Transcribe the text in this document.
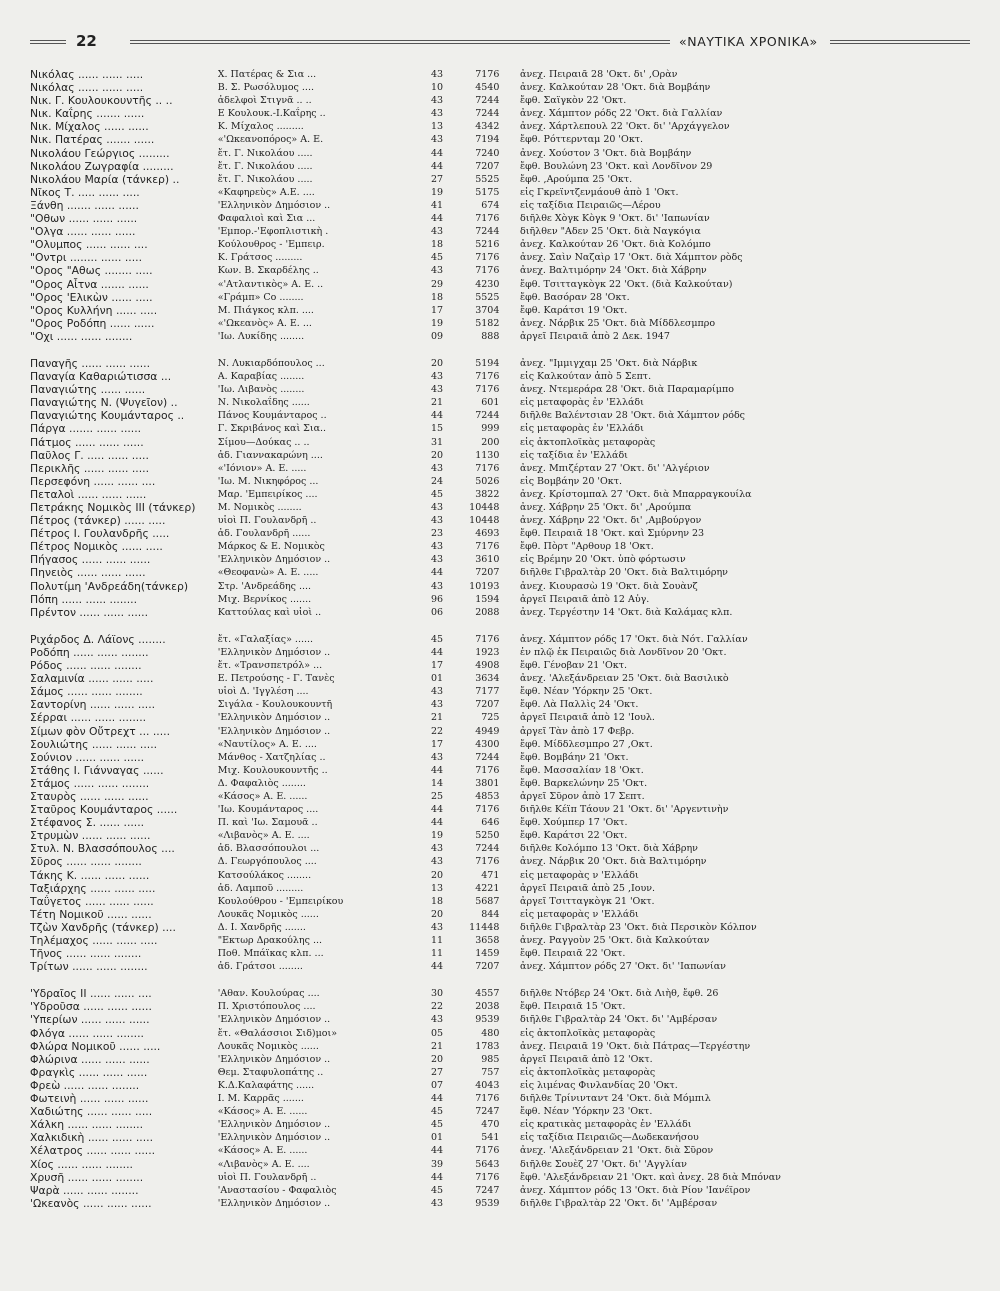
22	«ΝΑΥΤΙΚΑ ΧΡΟΝΙΚΑ»
Νικόλας ...... ...... .....	Χ. Πατέρας & Σια ...	43	7176 ἀνεχ. Πειραιᾶ 28 'Οκτ. δι' ,Ορὰν
Νικόλας ...... ...... .....	Β. Σ. Ρωσόλυμος ....	10	4540 ἀνεχ. Καλκούταν 28 'Οκτ. διὰ Βομβάην
Νικ. Γ. Κουλουκουντῆς .. ..	ἀδελφοὶ Στιγνᾶ .. ..	43	7244 ἔφθ. Σαϊγκὸν 22 'Οκτ.
Νικ. Καΐρης ....... ......	Ε Κουλουκ.-Ι.Καΐρης ..	43	7244 ἀνεχ. Χάμπτον ρόδς 22 'Οκτ. διὰ Γαλλίαν
Νικ. Μίχαλος ...... ......	Κ. Μίχαλος .........	13	4342 ἀνεχ. Χάρτλεπουλ 22 'Οκτ. δι' 'Αρχάγγελον
Νικ. Πατέρας ....... ......	«'Ωκεανοπόρος» Α. Ε.	43	7194 ἔφθ. Ρόττερνταμ 20 'Οκτ.
Νικολάου Γεώργιος .........	ἔτ. Γ. Νικολάου .....	44	7240 ἀνεχ. Χούστον 3 'Οκτ. διὰ Βομβάην
Νικολάου Ζωγραφία .........	ἔτ. Γ. Νικολάου .....	44	7207 ἔφθ. Βουλώνη 23 'Οκτ. καὶ Λονδῖνον 29
Νικολάου Μαρία (τάνκερ) ..	ἔτ. Γ. Νικολάου .....	27	5525 ἔφθ. ,Αρούμπα 25 'Οκτ.
Νῖκος Τ. ..... ...... .....	«Καφηρεὺς» Α.Ε. ....	19	5175 εἰς Γκρεϊντζενμάουθ ἀπὸ 1 'Οκτ.
Ξάνθη ....... ...... ......	'Ελληνικὸν Δημόσιον ..	41	674 εἰς ταξίδια Πειραιῶς—Λέρου
"Οθων ...... ...... ......	Φαφαλιοὶ καὶ Σια ...	44	7176 διῆλθε Χὸγκ Κὸγκ 9 'Οκτ. δι' 'Ιαπωνίαν
"Ολγα ...... ...... ......	'Εμπορ.-'Εφοπλιστικὴ .	43	7244 διῆλθεν "Αδεν 25 'Οκτ. διὰ Ναγκόγια
"Ολυμπος ...... ...... ....	Κούλουθρος - 'Εμπειρ.	18	5216 ἀνεχ. Καλκούταν 26 'Οκτ. διὰ Κολόμπο
"Οντρι ........ ...... .....	Κ. Γράτσος .........	45	7176 ἀνεχ. Σαὶν Ναζαὶρ 17 'Οκτ. διὰ Χάμπτον ρὸδς
"Ορος "Αθως ........ .....	Κων. Β. Σκαρδέλης ..	43	7176 ἀνεχ. Βαλτιμόρην 24 'Οκτ. διὰ Χάβρην
"Ορος Αἶτνα ....... ......	«'Ατλαντικὸς» Α. Ε. ..	29	4230 ἔφθ. Τσιτταγκὸγκ 22 'Οκτ. (διὰ Καλκούταν)
"Ορος 'Ελικὼν ...... .....	«Γράμπ» Co ........	18	5525 ἔφθ. Βασόραν 28 'Οκτ.
"Ορος Κυλλήνη ...... .....	Μ. Πιάγκος κλπ. ....	17	3704 ἔφθ. Καράτσι 19 'Οκτ.
"Ορος Ροδόπη ...... ......	«'Ωκεανὸς» Α. Ε. ...	19	5182 ἀνεχ. Νάρβικ 25 'Οκτ. διὰ Μίδδλεσμπρο
"Οχι ...... ...... ........	'Ιω. Λυκίδης ........	09	888 ἀργεῖ Πειραιᾶ ἀπὸ 2 Δεκ. 1947
Παναγῆς ...... ...... ......	Ν. Λυκιαρδόπουλος ...	20	5194 ἀνεχ. "Ιμμιγχαμ 25 'Οκτ. διὰ Νάρβικ
Παναγία Καθαριώτισσα ...	Α. Καραβίας ........	43	7176 εἰς Καλκούταν ἀπὸ 5 Σεπτ.
Παναγιώτης ...... ......	'Ιω. Λιβανὸς ........	43	7176 ἀνεχ. Ντεμεράρα 28 'Οκτ. διὰ Παραμαρίμπο
Παναγιώτης Ν. (Ψυγεῖον) ..	Ν. Νικολαΐδης ......	21	601 εἰς μεταφορὰς ἐν 'Ελλάδι
Παναγιώτης Κουμάνταρος ..	Πάνος Κουμάνταρος ..	44	7244 διῆλθε Βαλέντσιαν 28 'Οκτ. διὰ Χάμπτον ρόδς
Πάργα ....... ...... ......	Γ. Σκριβάνος καὶ Σια..	15	999 εἰς μεταφορὰς ἐν 'Ελλάδι
Πάτμος ...... ...... ......	Σίμου—Δούκας .. ..	31	200 εἰς ἀκτοπλοϊκὰς μεταφορὰς
Παῦλος Γ. ..... ...... .....	ἀδ. Γιαννακαρώνη ....	20	1130 εἰς ταξίδια ἐν 'Ελλάδι
Περικλῆς ...... ...... .....	«'Ιόνιον» Α. Ε. .....	43	7176 ἀνεχ. Μπιζέρταν 27 'Οκτ. δι' 'Αλγέριον
Περσεφόνη ...... ...... ....	'Ιω. Μ. Νικηφόρος ...	24	5026 εἰς Βομβάην 20 'Οκτ.
Πεταλοὶ ...... ...... ......	Μαρ. 'Εμπειρίκος ....	45	3822 ἀνεχ. Κρίστομπαλ 27 'Οκτ. διὰ Μπαρραγκουίλα
Πετράκης Νομικὸς ΙΙΙ (τάνκερ)	Μ. Νομικὸς ........	43	10448 ἀνεχ. Χάβρην 25 'Οκτ. δι' ,Αρούμπα
Πέτρος (τάνκερ) ...... .....	υἱοὶ Π. Γουλανδρῆ ..	43	10448 ἀνεχ. Χάβρην 22 'Οκτ. δι' ,Αμβούργον
Πέτρος Ι. Γουλανδρῆς .....	ἀδ. Γουλανδρῆ ......	23	4693 ἔφθ. Πειραιᾶ 18 'Οκτ. καὶ Σμύρνην 23
Πέτρος Νομικὸς ...... .....	Μάρκος & Ε. Νομικὸς	43	7176 ἔφθ. Πὸρτ "Αρθουρ 18 'Οκτ.
Πήγασος ...... ...... ......	'Ελληνικὸν Δημόσιον ..	43	3610 εἰς Βρέμην 20 'Οκτ. ὑπὸ φόρτωσιν
Πηνειὸς ...... ...... ......	«Θεοφανὼ» Α. Ε. .....	44	7207 διῆλθε Γιβραλτὰρ 20 'Οκτ. διὰ Βαλτιμόρην
Πολυτίμη 'Ανδρεάδη(τάνκερ)	Στρ. 'Ανδρεάδης ....	43	10193 ἀνεχ. Κιουρασὼ 19 'Οκτ. διὰ Σουὰνζ
Πόπη ...... ...... ........	Μιχ. Βερνίκος .......	96	1594 ἀργεῖ Πειραιᾶ ἀπὸ 12 Αὐγ.
Πρέντον ...... ...... ......	Καττούλας καὶ υἱοὶ ..	06	2088 ἀνεχ. Τεργέστην 14 'Οκτ. διὰ Καλάμας κλπ.
Ριχάρδος Δ. Λάϊονς ........	ἔτ. «Γαλαξίας» ......	45	7176 ἀνεχ. Χάμπτον ρόδς 17 'Οκτ. διὰ Νότ. Γαλλίαν
Ροδόπη ...... ...... ........	'Ελληνικὸν Δημόσιον ..	44	1923 ἐν πλῷ ἐκ Πειραιῶς διὰ Λονδῖνον 20 'Οκτ.
Ρόδος ...... ...... ........	ἔτ. «Τρανσπετρόλ» ...	17	4908 ἔφθ. Γένοβαν 21 'Οκτ.
Σαλαμινία ...... ...... .....	Ε. Πετρούσης - Γ. Τανὲς	01	3634 ἀνεχ. 'Αλεξάνδρειαν 25 'Οκτ. διὰ Βασιλικὸ
Σάμος ...... ...... ........	υἱοὶ Δ. 'Ιγγλέση ....	43	7177 ἔφθ. Νέαν 'Υόρκην 25 'Οκτ.
Σαντορίνη ...... ...... .....	Σιγάλα - Κουλουκουντῆ	43	7207 ἔφθ. Λὰ Παλλὶς 24 'Οκτ.
Σέρραι ...... ...... ........	'Ελληνικὸν Δημόσιον ..	21	725 ἀργεῖ Πειραιᾶ ἀπὸ 12 'Ιουλ.
Σίμων φὸν Οὔτρεχτ ... .....	'Ελληνικὸν Δημόσιον ..	22	4949 ἀργεῖ Τὰν ἀπὸ 17 Φεβρ.
Σουλιώτης ...... ...... .....	«Ναυτίλος» Α. Ε. ....	17	4300 ἔφθ. Μίδδλεσμπρο 27 ,Οκτ.
Σούνιον ...... ...... ......	Μάνθος - Χατζηλίας ..	43	7244 ἔφθ. Βομβάην 21 'Οκτ.
Στάθης Ι. Γιάνναγας ......	Μιχ. Κουλουκουντῆς ..	44	7176 ἔφθ. Μασσαλίαν 18 'Οκτ.
Στάμος ...... ...... ........	Δ. Φαφαλιὸς ........	14	3801 ἔφθ. Βαρκελώνην 25 'Οκτ.
Σταυρὸς ...... ...... ......	«Κάσος» Α. Ε. ......	25	4853 ἀργεῖ Σῦρον ἀπὸ 17 Σεπτ.
Σταῦρος Κουμάνταρος ......	'Ιω. Κουμάνταρος ....	44	7176 διῆλθε Κέϊπ Τάουν 21 'Οκτ. δι' 'Αργεντινὴν
Στέφανος Σ. ...... ......	Π. καὶ 'Ιω. Σαμουᾶ ..	44	646 ἔφθ. Χούμπερ 17 'Οκτ.
Στρυμὼν ...... ...... ......	«Λιβανὸς» Α. Ε. ....	19	5250 ἔφθ. Καράτσι 22 'Οκτ.
Στυλ. Ν. Βλασσόπουλος ....	ἀδ. Βλασσόπουλοι ...	43	7244 διῆλθε Κολόμπο 13 'Οκτ. διὰ Χάβρην
Σῦρος ...... ...... ........	Δ. Γεωργόπουλος ....	43	7176 ἀνεχ. Νάρβικ 20 'Οκτ. διὰ Βαλτιμόρην
Τάκης Κ. ...... ...... ......	Κατσούλάκος ........	20	471 εἰς μεταφορὰς ν 'Ελλάδι
Ταξιάρχης ...... ...... .....	ἀδ. Λαμποῦ .........	13	4221 ἀργεῖ Πειραιᾶ ἀπὸ 25 ,Ιουν.
Ταΰγετος ...... ...... ......	Κουλούθρου - 'Εμπειρίκου	18	5687 ἀργεῖ Τσιτταγκὸγκ 21 'Οκτ.
Τέτη Νομικοῦ ...... ......	Λουκᾶς Νομικὸς ......	20	844 εἰς μεταφορὰς ν 'Ελλάδι
Τζὼν Χανδρῆς (τάνκερ) ....	Δ. Ι. Χανδρῆς .......	43	11448 διῆλθε Γιβραλτὰρ 23 'Οκτ. διὰ Περσικὸν Κόλπον
Τηλέμαχος ...... ...... .....	"Εκτωρ Δρακούλης ...	11	3658 ἀνεχ. Ραγγοὺν 25 'Οκτ. διὰ Καλκούταν
Τῆνος ...... ...... ........	Ποθ. Μπάϊκας κλπ. ...	11	1459 ἔφθ. Πειραιᾶ 22 'Οκτ.
Τρίτων ...... ...... ........	ἀδ. Γράτσοι ........	44	7207 ἀνεχ. Χάμπτον ρόδς 27 'Οκτ. δι' 'Ιαπωνίαν
'Υδραῖος ΙΙ ...... ...... ....	'Αθαν. Κουλούρας ....	30	4557 διῆλθε Ντόβερ 24 'Οκτ. διὰ Λιὴθ, ἔφθ. 26
'Υδροῦσα ...... ...... ......	Π. Χριστόπουλος ....	22	2038 ἔφθ. Πειραιᾶ 15 'Οκτ.
'Υπερίων ...... ...... ......	'Ελληνικὸν Δημόσιον ..	43	9539 διῆλθε Γιβραλτὰρ 24 'Οκτ. δι' 'Αμβέρσαν
Φλόγα ...... ...... ........	ἔτ. «Θαλάσσιοι Σιδ)μοι»	05	480 εἰς ἀκτοπλοϊκὰς μεταφορὰς
Φλώρα Νομικοῦ ...... .....	Λουκᾶς Νομικὸς ......	21	1783 ἀνεχ. Πειραιᾶ 19 'Οκτ. διὰ Πάτρας—Τεργέστην
Φλώρινα ...... ...... ......	'Ελληνικὸν Δημόσιον ..	20	985 ἀργεῖ Πειραιᾶ ἀπὸ 12 'Οκτ.
Φραγκὶς ...... ...... ......	Θεμ. Σταφυλοπάτης ..	27	757 εἰς ἀκτοπλοϊκὰς μεταφορὰς
Φρεὼ ...... ...... ........	Κ.Δ.Καλαφάτης ......	07	4043 εἰς λιμένας Φινλανδίας 20 'Οκτ.
Φωτεινὴ ...... ...... ......	Ι. Μ. Καρρᾶς .......	44	7176 διῆλθε Τρίνινταντ 24 'Οκτ. διὰ Μόμπιλ
Χαδιώτης ...... ...... .....	«Κάσος» Α. Ε. ......	45	7247 ἔφθ. Νέαν 'Υόρκην 23 'Οκτ.
Χάλκη ...... ...... ........	'Ελληνικὸν Δημόσιον ..	45	470 εἰς κρατικὰς μεταφορὰς ἐν 'Ελλάδι
Χαλκιδικὴ ...... ...... .....	'Ελληνικὸν Δημόσιον ..	01	541 εἰς ταξίδια Πειραιῶς—Δωδεκανήσου
Χέλατρος ...... ...... ......	«Κάσος» Α. Ε. ......	44	7176 ἀνεχ. 'Αλεξάνδρειαν 21 'Οκτ. διὰ Σῦρον
Χίος ...... ...... ........	«Λιβανὸς» Α. Ε. ....	39	5643 διῆλθε Σουὲζ 27 'Οκτ. δι' 'Αγγλίαν
Χρυσῆ ...... ...... ........	υἱοὶ Π. Γουλανδρῆ ..	44	7176 ἔφθ. 'Αλεξάνδρειαν 21 'Οκτ. καὶ ἀνεχ. 28 διὰ Μπόναν
Ψαρὰ ...... ...... ........	'Αναστασίου - Φαφαλιὸς	45	7247 ἀνεχ. Χάμπτον ρόδς 13 'Οκτ. διὰ Ρίον 'Ιανέϊρον
'Ωκεανὸς ...... ...... ......	'Ελληνικὸν Δημόσιον ..	43	9539 διῆλθε Γιβραλτὰρ 22 'Οκτ. δι' 'Αμβέρσαν
